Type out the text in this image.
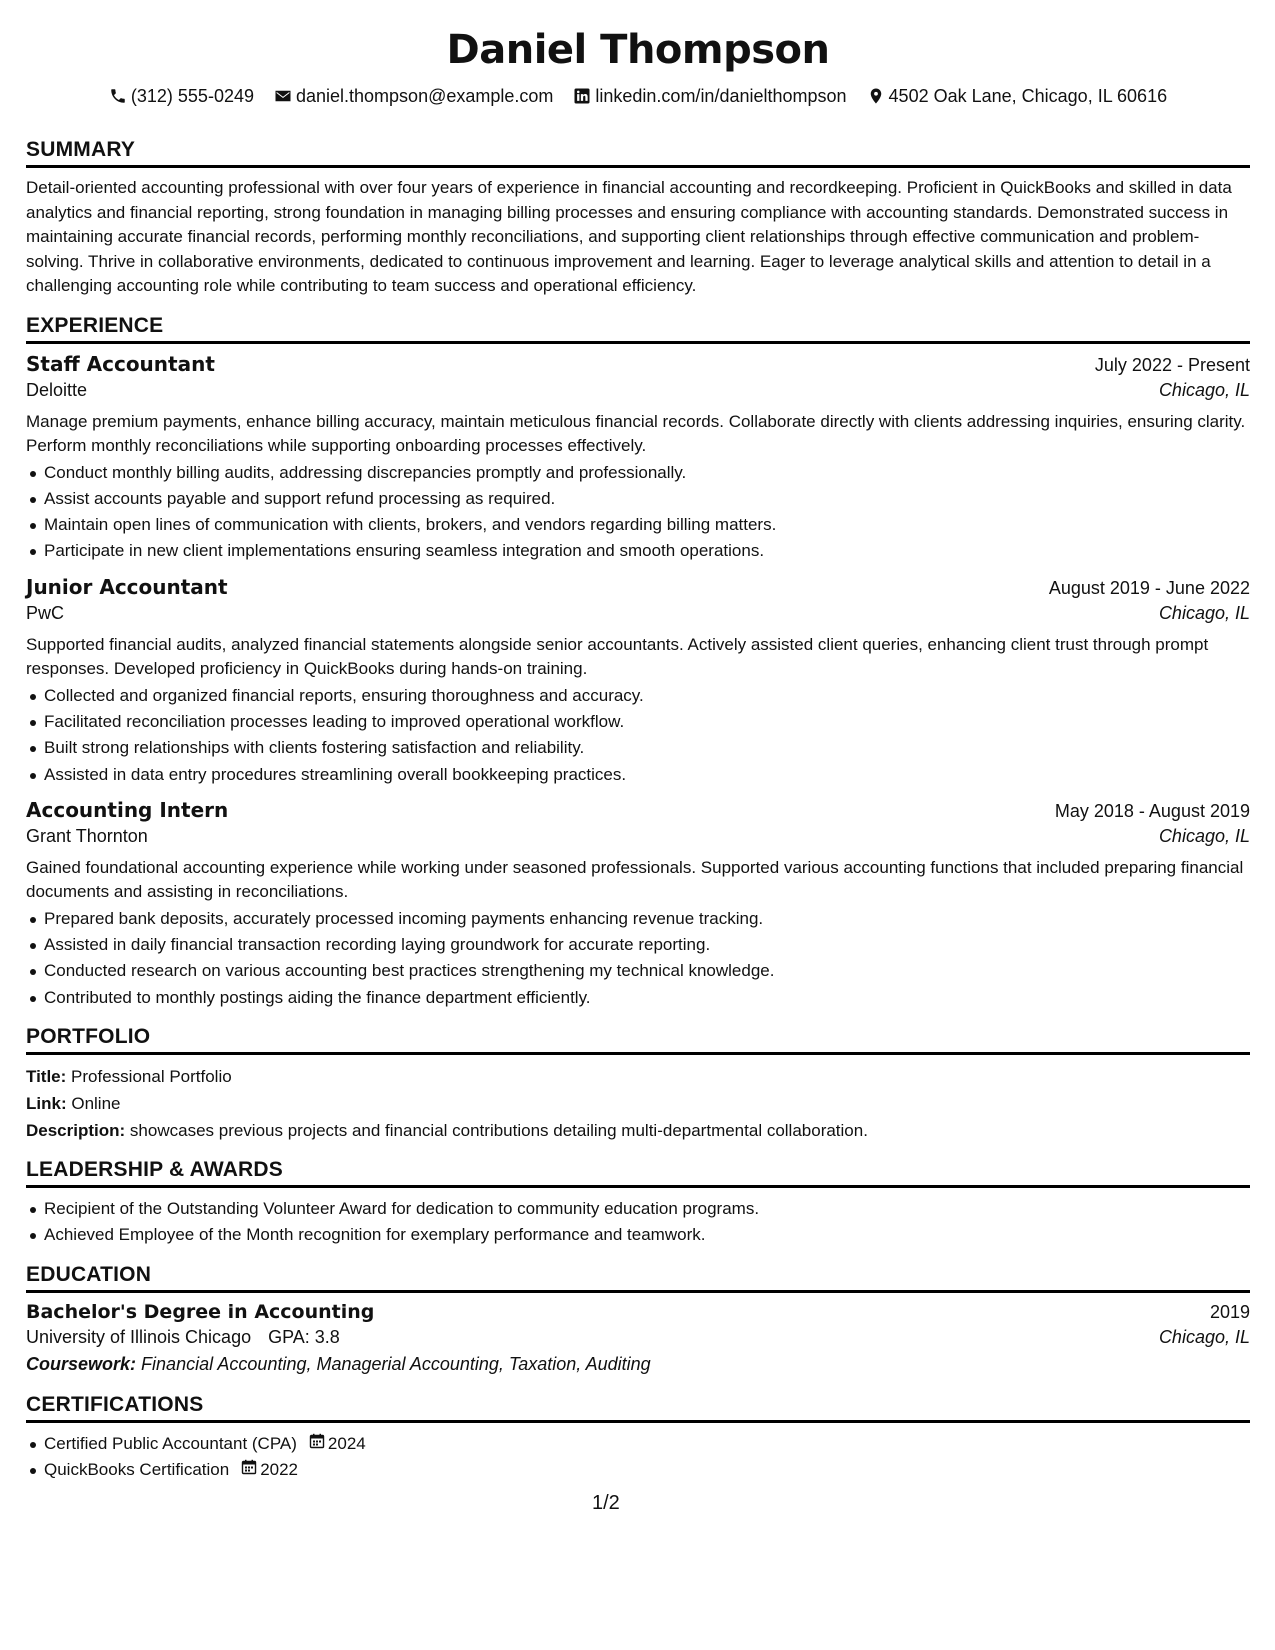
Daniel Thompson
(312) 555-0249 daniel.thompson@example.com linkedin.com/in/danielthompson 4502 Oak Lane, Chicago, IL 60616
SUMMARY

Detail-oriented accounting professional with over four years of experience in financial accounting and recordkeeping. Proficient in QuickBooks and skilled in data analytics and financial reporting, strong foundation in managing billing processes and ensuring compliance with accounting standards. Demonstrated success in maintaining accurate financial records, performing monthly reconciliations, and supporting client relationships through effective communication and problem-solving. Thrive in collaborative environments, dedicated to continuous improvement and learning. Eager to leverage analytical skills and attention to detail in a challenging accounting role while contributing to team success and operational efficiency.

EXPERIENCE
Staff Accountant	July 2022 - Present
Deloitte	Chicago, IL
Manage premium payments, enhance billing accuracy, maintain meticulous financial records. Collaborate directly with clients addressing inquiries, ensuring clarity. Perform monthly reconciliations while supporting onboarding processes effectively.
Conduct monthly billing audits, addressing discrepancies promptly and professionally.
Assist accounts payable and support refund processing as required.
Maintain open lines of communication with clients, brokers, and vendors regarding billing matters.
Participate in new client implementations ensuring seamless integration and smooth operations.
Junior Accountant	August 2019 - June 2022
PwC	Chicago, IL
Supported financial audits, analyzed financial statements alongside senior accountants. Actively assisted client queries, enhancing client trust through prompt responses. Developed proficiency in QuickBooks during hands-on training.
Collected and organized financial reports, ensuring thoroughness and accuracy.
Facilitated reconciliation processes leading to improved operational workflow.
Built strong relationships with clients fostering satisfaction and reliability.
Assisted in data entry procedures streamlining overall bookkeeping practices.
Accounting Intern	May 2018 - August 2019
Grant Thornton	Chicago, IL
Gained foundational accounting experience while working under seasoned professionals. Supported various accounting functions that included preparing financial documents and assisting in reconciliations.
Prepared bank deposits, accurately processed incoming payments enhancing revenue tracking.
Assisted in daily financial transaction recording laying groundwork for accurate reporting.
Conducted research on various accounting best practices strengthening my technical knowledge.
Contributed to monthly postings aiding the finance department efficiently.
PORTFOLIO
Title: Professional Portfolio
Link: Online
Description: showcases previous projects and financial contributions detailing multi-departmental collaboration.
LEADERSHIP & AWARDS
Recipient of the Outstanding Volunteer Award for dedication to community education programs.
Achieved Employee of the Month recognition for exemplary performance and teamwork.
EDUCATION
Bachelor's Degree in Accounting	2019
University of Illinois Chicago GPA: 3.8	Chicago, IL
Coursework: Financial Accounting, Managerial Accounting, Taxation, Auditing
CERTIFICATIONS
Certified Public Accountant (CPA) 2024
QuickBooks Certification 2022
1/2
